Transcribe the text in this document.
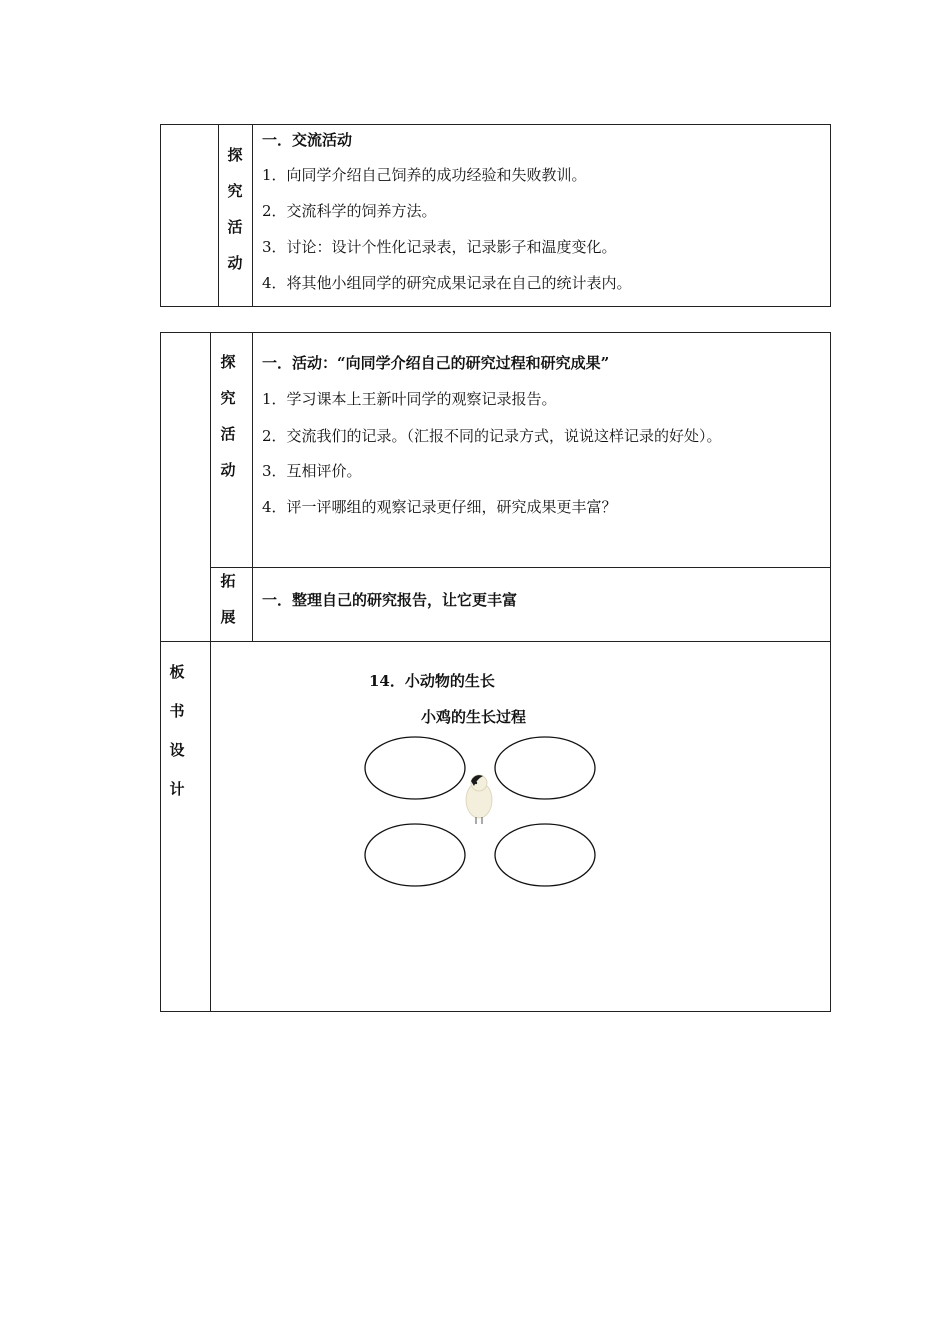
探
究
活
动
一．交流活动
1．向同学介绍自己饲养的成功经验和失败教训。
2．交流科学的饲养方法。
3．讨论：设计个性化记录表，记录影子和温度变化。
4．将其他小组同学的研究成果记录在自己的统计表内。
探
究
活
动
一．活动：“向同学介绍自己的研究过程和研究成果”
1．学习课本上王新叶同学的观察记录报告。
2．交流我们的记录。（汇报不同的记录方式，说说这样记录的好处）。
3．互相评价。
4．评一评哪组的观察记录更仔细，研究成果更丰富？
拓
展
一．整理自己的研究报告，让它更丰富
板
书
设
计
14．小动物的生长
小鸡的生长过程
